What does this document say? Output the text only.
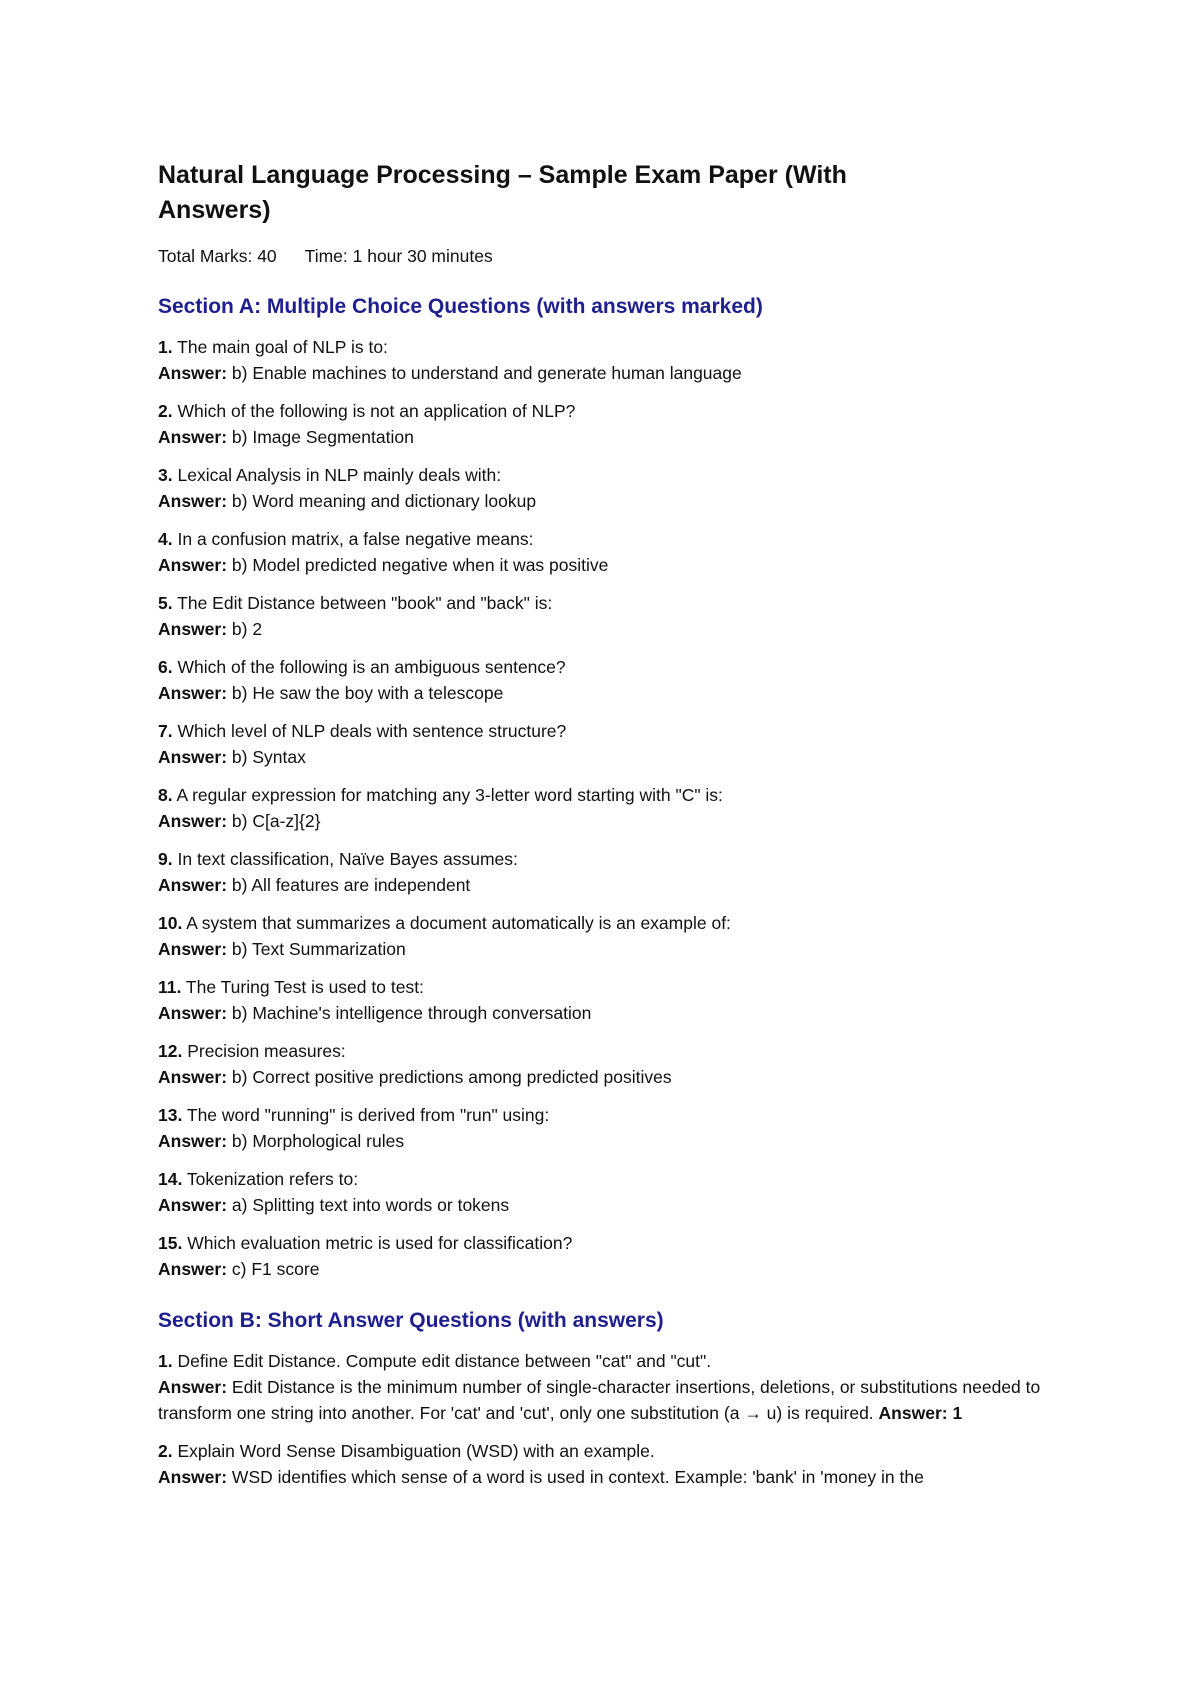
Natural Language Processing – Sample Exam Paper (With Answers)
Total Marks: 40 Time: 1 hour 30 minutes
Section A: Multiple Choice Questions (with answers marked)

1. The main goal of NLP is to:

Answer: b) Enable machines to understand and generate human language

2. Which of the following is not an application of NLP?

Answer: b) Image Segmentation

3. Lexical Analysis in NLP mainly deals with:

Answer: b) Word meaning and dictionary lookup

4. In a confusion matrix, a false negative means:

Answer: b) Model predicted negative when it was positive

5. The Edit Distance between "book" and "back" is:

Answer: b) 2

6. Which of the following is an ambiguous sentence?

Answer: b) He saw the boy with a telescope

7. Which level of NLP deals with sentence structure?

Answer: b) Syntax

8. A regular expression for matching any 3-letter word starting with "C" is:

Answer: b) C[a-z]{2}

9. In text classification, Naïve Bayes assumes:

Answer: b) All features are independent

10. A system that summarizes a document automatically is an example of:

Answer: b) Text Summarization

11. The Turing Test is used to test:

Answer: b) Machine's intelligence through conversation

12. Precision measures:

Answer: b) Correct positive predictions among predicted positives

13. The word "running" is derived from "run" using:

Answer: b) Morphological rules

14. Tokenization refers to:

Answer: a) Splitting text into words or tokens

15. Which evaluation metric is used for classification?

Answer: c) F1 score

Section B: Short Answer Questions (with answers)

1. Define Edit Distance. Compute edit distance between "cat" and "cut".

Answer: Edit Distance is the minimum number of single-character insertions, deletions, or substitutions needed to transform one string into another. For 'cat' and 'cut', only one substitution (a → u) is required. Answer: 1

2. Explain Word Sense Disambiguation (WSD) with an example.

Answer: WSD identifies which sense of a word is used in context. Example: 'bank' in 'money in the
